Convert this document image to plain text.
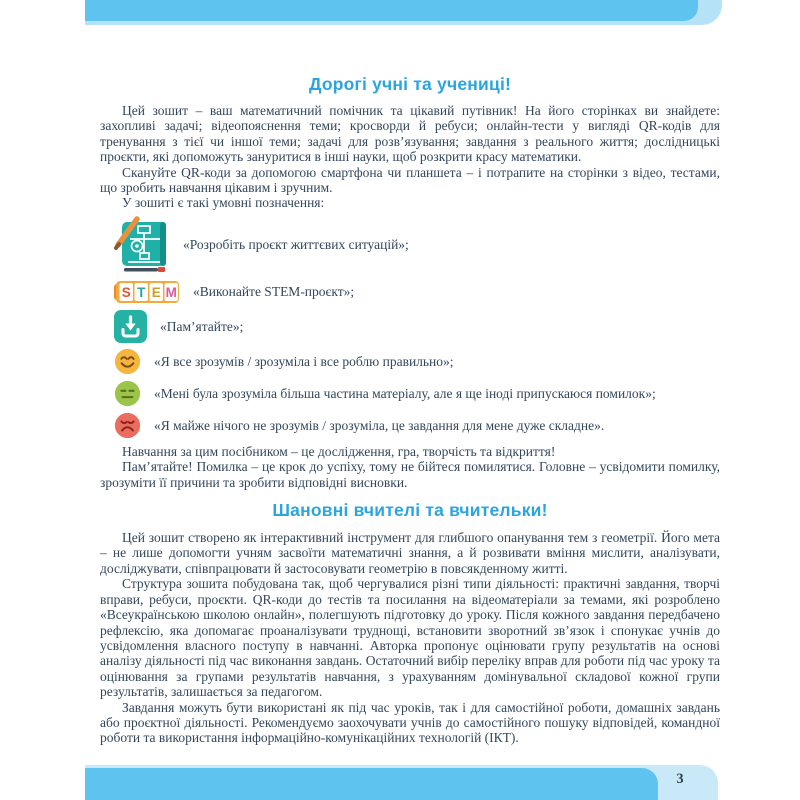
Дорогі учні та учениці!

Цей зошит – ваш математичний помічник та цікавий путівник! На його сторінках ви знайдете: захопливі задачі; відеопояснення теми; кросворди й ребуси; онлайн-тести у вигляді QR-кодів для тренування з тієї чи іншої теми; задачі для розв’язування; завдання з реального життя; дослідницькі проєкти, які допоможуть зануритися в інші науки, щоб розкрити красу математики.

Скануйте QR-коди за допомогою смартфона чи планшета – і потрапите на сторінки з відео, тестами, що зробить навчання цікавим і зручним.

У зошиті є такі умовні позначення:

«Розробіть проєкт життєвих ситуацій»;
S T E M «Виконайте STEM-проєкт»;
«Пам’ятайте»;
«Я все зрозумів / зрозуміла і все роблю правильно»;
«Мені була зрозуміла більша частина матеріалу, але я ще іноді припускаюся помилок»;
«Я майже нічого не зрозумів / зрозуміла, це завдання для мене дуже складне».

Навчання за цим посібником – це дослідження, гра, творчість та відкриття!

Пам’ятайте! Помилка – це крок до успіху, тому не бійтеся помилятися. Головне – усвідомити помилку, зрозуміти її причини та зробити відповідні висновки.

Шановні вчителі та вчительки!

Цей зошит створено як інтерактивний інструмент для глибшого опанування тем з геометрії. Його мета – не лише допомогти учням засвоїти математичні знання, а й розвивати вміння мислити, аналізувати, досліджувати, співпрацювати й застосовувати геометрію в повсякденному житті.

Структура зошита побудована так, щоб чергувалися різні типи діяльності: практичні завдання, творчі вправи, ребуси, проєкти. QR-коди до тестів та посилання на відеоматеріали за темами, які розроблено «Всеукраїнською школою онлайн», полегшують підготовку до уроку. Після кожного завдання передбачено рефлексію, яка допомагає проаналізувати труднощі, встановити зворотний зв’язок і спонукає учнів до усвідомлення власного поступу в навчанні. Авторка пропонує оцінювати групу результатів на основі аналізу діяльності під час виконання завдань. Остаточний вибір переліку вправ для роботи під час уроку та оцінювання за групами результатів навчання, з урахуванням домінувальної складової кожної групи результатів, залишається за педагогом.

Завдання можуть бути використані як під час уроків, так і для самостійної роботи, домашніх завдань або проєктної діяльності. Рекомендуємо заохочувати учнів до самостійного пошуку відповідей, командної роботи та використання інформаційно-комунікаційних технологій (ІКТ).

3
